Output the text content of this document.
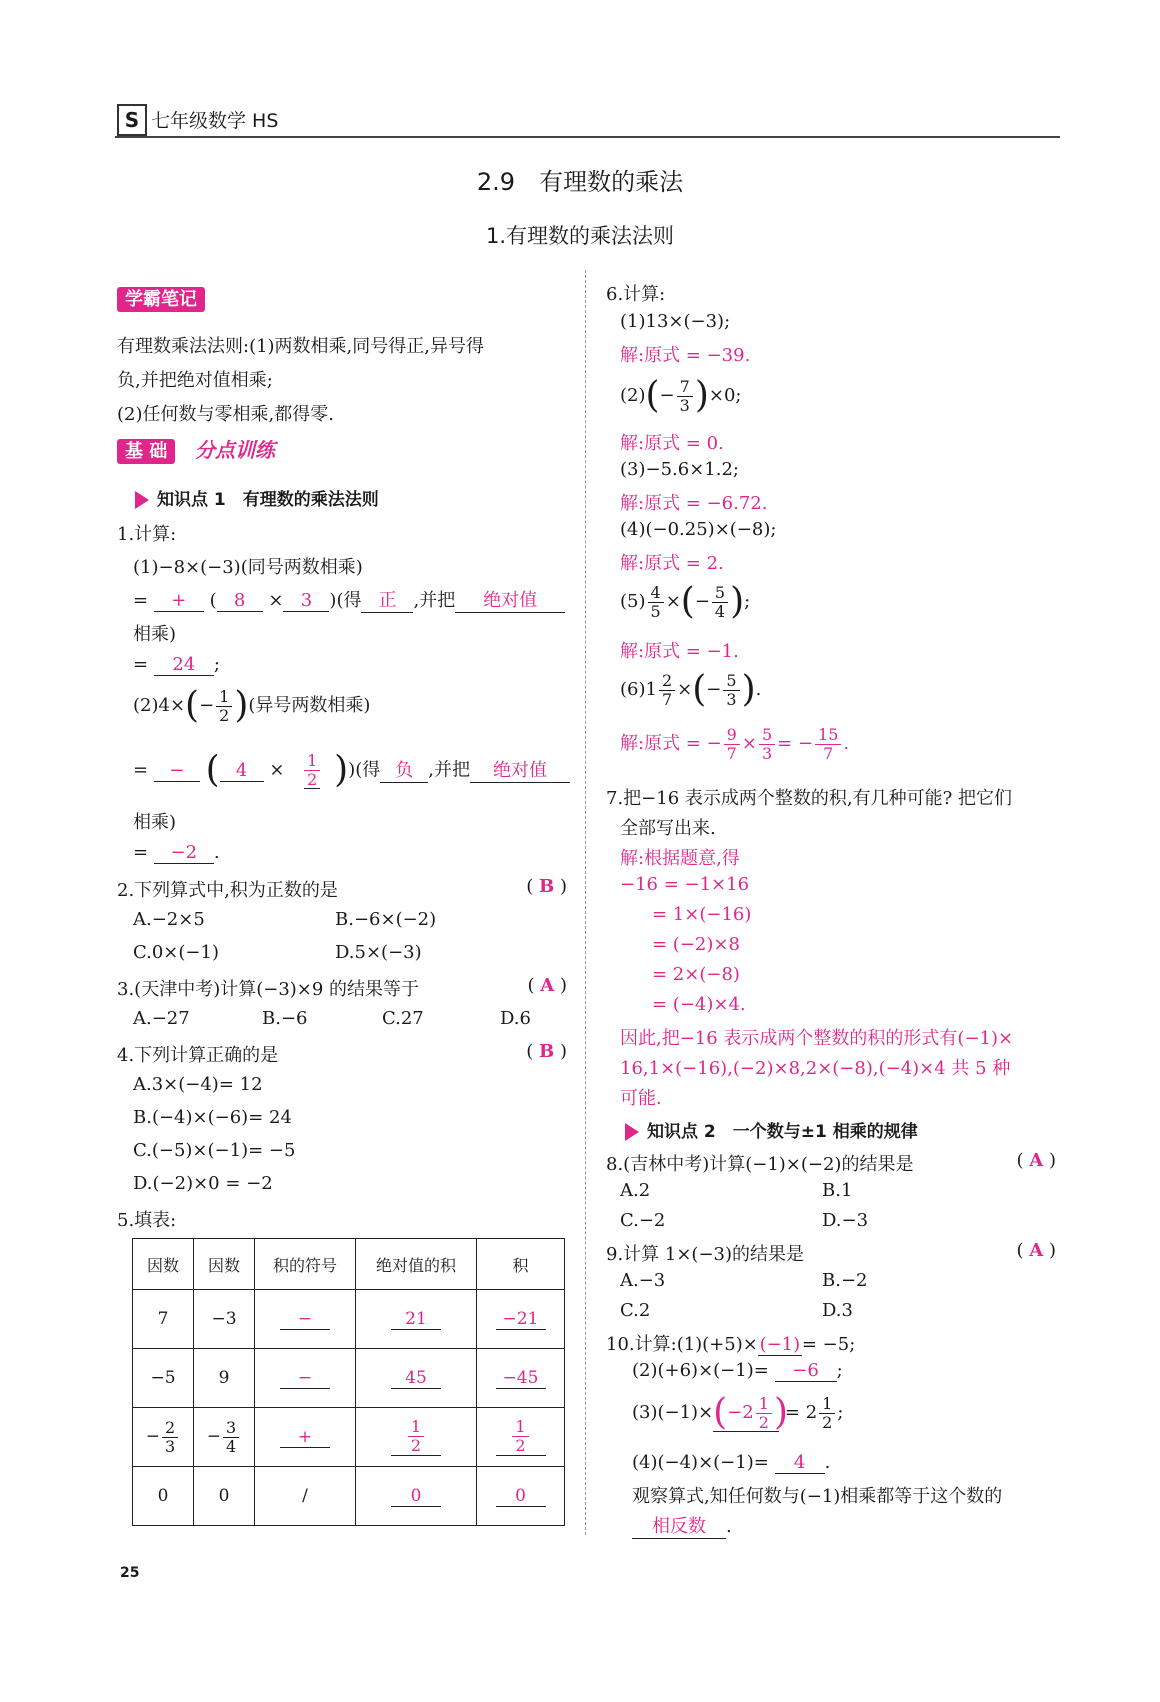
S 七年级数学 HS
2.9　有理数的乘法
1.有理数的乘法法则
学霸笔记
有理数乘法法则:(1)两数相乘,同号得正,异号得
负,并把绝对值相乘;
(2)任何数与零相乘,都得零.
基 础 分点训练
知识点 1　有理数的乘法法则
1.计算:
(1)−8×(−3)(同号两数相乘)
= + ( 8 × 3 )(得 正 ,并把 绝对值
相乘)
= 24 ;
$(2)4\times(- \frac{1}{2}$ )(异号两数相乘)
= − ( $4 \times \frac{1}{2}$ ))(得 负 ,并把 绝对值
相乘)
= −2 .
2.下列算式中,积为正数的是	( B )
A.−2×5	B.−6×(−2)
C.0×(−1)	D.5×(−3)
3.(天津中考)计算(−3)×9 的结果等于	( A )
A.−27	B.−6	C.27	D.6
4.下列计算正确的是	( B )
A.3×(−4)= 12
B.(−4)×(−6)= 24
C.(−5)×(−1)= −5
D.(−2)×0 = −2
5.填表:
因数	因数	积的符号	绝对值的积	积
7	−3	−	21	−21
−5	9	−	45	−45
− $\frac{2}{3}$	− $\frac{3}{4}$	+	$\frac{1}{2}$	$\frac{1}{2}$

0	0	/	0	0
6.计算:
(1)13×(−3);
解:原式 = −39.
$(2)(- \frac{7}{3} )\times 0$;
解:原式 = 0.
(3)−5.6×1.2;
解:原式 = −6.72.
(4)(−0.25)×(−8);
解:原式 = 2.
$(5) \frac{4}{5}$ ×(− $\frac{5}{4}$ );
解:原式 = −1.
$(6)1 \frac{2}{7}$ ×(− $\frac{5}{3}$ ).
解:原式 = − $\frac{9}{7} \times \frac{5}{3}$ = − $\frac{15}{7}$ .
7.把−16 表示成两个整数的积,有几种可能? 把它们
全部写出来.
解:根据题意,得
−16 = −1×16
= 1×(−16)
= (−2)×8
= 2×(−8)
= (−4)×4.
因此,把−16 表示成两个整数的积的形式有(−1)×
16,1×(−16),(−2)×8,2×(−8),(−4)×4 共 5 种
可能.
知识点 2　一个数与±1 相乘的规律
8.(吉林中考)计算(−1)×(−2)的结果是	( A )
A.2	B.1
C.−2	D.−3
9.计算 1×(−3)的结果是	( A )
A.−3	B.−2
C.2	D.3
10.计算:(1)(+5)×(−1)= −5;
(2)(+6)×(−1)= −6 ;
$(3)(-1)\times(-2 \frac{1}{2}$ ) = $2 \frac{1}{2}$ ;
(4)(−4)×(−1)= 4 .
观察算式,知任何数与(−1)相乘都等于这个数的
相反数 .
25
